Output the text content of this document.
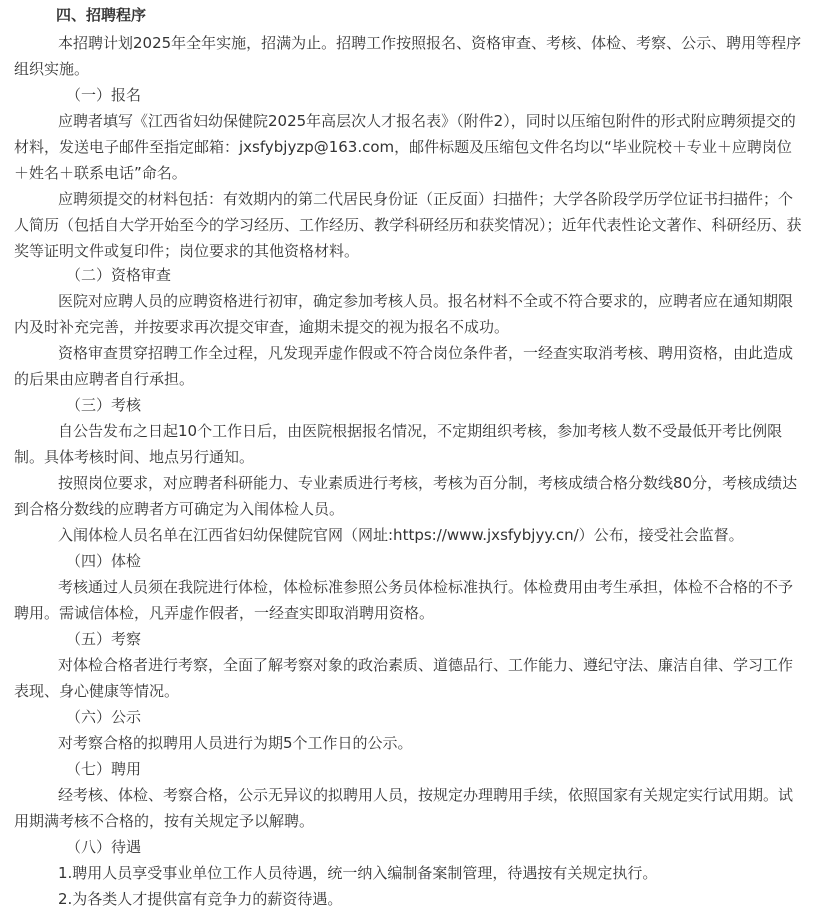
四、招聘程序

本招聘计划2025年全年实施，招满为止。招聘工作按照报名、资格审查、考核、体检、考察、公示、聘用等程序组织实施。

（一）报名

应聘者填写《江西省妇幼保健院2025年高层次人才报名表》（附件2），同时以压缩包附件的形式附应聘须提交的材料，发送电子邮件至指定邮箱：jxsfybjyzp@163.com，邮件标题及压缩包文件名均以“毕业院校＋专业＋应聘岗位＋姓名＋联系电话”命名。

应聘须提交的材料包括：有效期内的第二代居民身份证（正反面）扫描件；大学各阶段学历学位证书扫描件；个人简历（包括自大学开始至今的学习经历、工作经历、教学科研经历和获奖情况）；近年代表性论文著作、科研经历、获奖等证明文件或复印件；岗位要求的其他资格材料。

（二）资格审查

医院对应聘人员的应聘资格进行初审，确定参加考核人员。报名材料不全或不符合要求的，应聘者应在通知期限内及时补充完善，并按要求再次提交审查，逾期未提交的视为报名不成功。

资格审查贯穿招聘工作全过程，凡发现弄虚作假或不符合岗位条件者，一经查实取消考核、聘用资格，由此造成的后果由应聘者自行承担。

（三）考核

自公告发布之日起10个工作日后，由医院根据报名情况，不定期组织考核，参加考核人数不受最低开考比例限制。具体考核时间、地点另行通知。

按照岗位要求，对应聘者科研能力、专业素质进行考核，考核为百分制，考核成绩合格分数线80分，考核成绩达到合格分数线的应聘者方可确定为入闱体检人员。

入闱体检人员名单在江西省妇幼保健院官网（网址:https://www.jxsfybjyy.cn/）公布，接受社会监督。

（四）体检

考核通过人员须在我院进行体检，体检标准参照公务员体检标准执行。体检费用由考生承担，体检不合格的不予聘用。需诚信体检，凡弄虚作假者，一经查实即取消聘用资格。

（五）考察

对体检合格者进行考察，全面了解考察对象的政治素质、道德品行、工作能力、遵纪守法、廉洁自律、学习工作表现、身心健康等情况。

（六）公示

对考察合格的拟聘用人员进行为期5个工作日的公示。

（七）聘用

经考核、体检、考察合格，公示无异议的拟聘用人员，按规定办理聘用手续，依照国家有关规定实行试用期。试用期满考核不合格的，按有关规定予以解聘。

（八）待遇

1.聘用人员享受事业单位工作人员待遇，统一纳入编制备案制管理，待遇按有关规定执行。

2.为各类人才提供富有竞争力的薪资待遇。
